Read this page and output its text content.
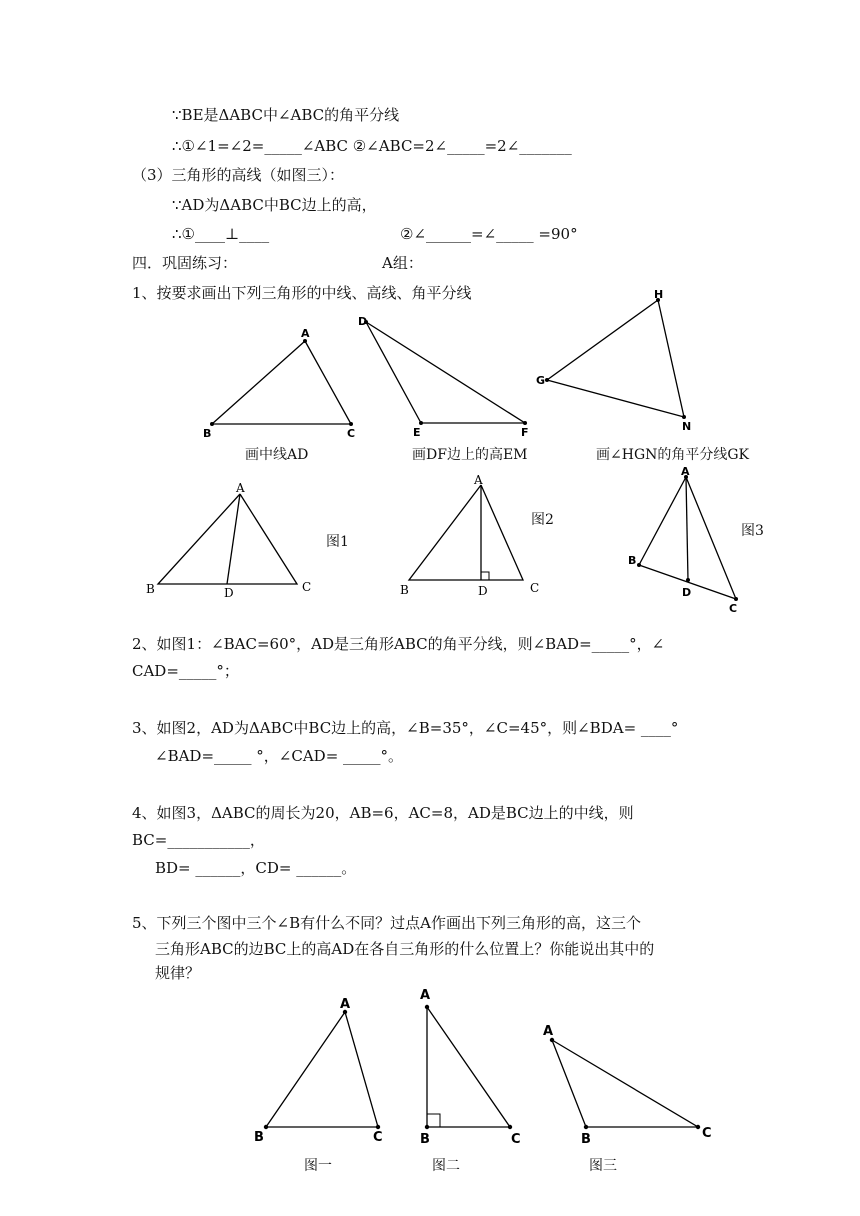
∵BE是ΔABC中∠ABC的角平分线
∴①∠1=∠2=_____∠ABC ②∠ABC=2∠_____=2∠_______
（3）三角形的高线（如图三）：
∵AD为ΔABC中BC边上的高，
∴①____⊥____	②∠______=∠_____ =90°
四．巩固练习：	A组：
1、按要求画出下列三角形的中线、高线、角平分线
A
B	C
D
E	F
H
G
N
A
B	D	C
A
B	D	C
A
B
D
C
A
B	C
A
B	C
A
B	C
画中线AD	画DF边上的高EM	画∠HGN的角平分线GK
图1
图2
图3
2、如图1：∠BAC=60°，AD是三角形ABC的角平分线，则∠BAD=_____°，∠
CAD=_____°；
3、如图2，AD为ΔABC中BC边上的高，∠B=35°，∠C=45°，则∠BDA= ____°
∠BAD=_____ °，∠CAD= _____°。
4、如图3，ΔABC的周长为20，AB=6，AC=8，AD是BC边上的中线，则
BC=___________，
BD= ______，CD= ______。
5、下列三个图中三个∠B有什么不同？过点A作画出下列三角形的高，这三个
三角形ABC的边BC上的高AD在各自三角形的什么位置上？你能说出其中的
规律？
图一	图二	图三
